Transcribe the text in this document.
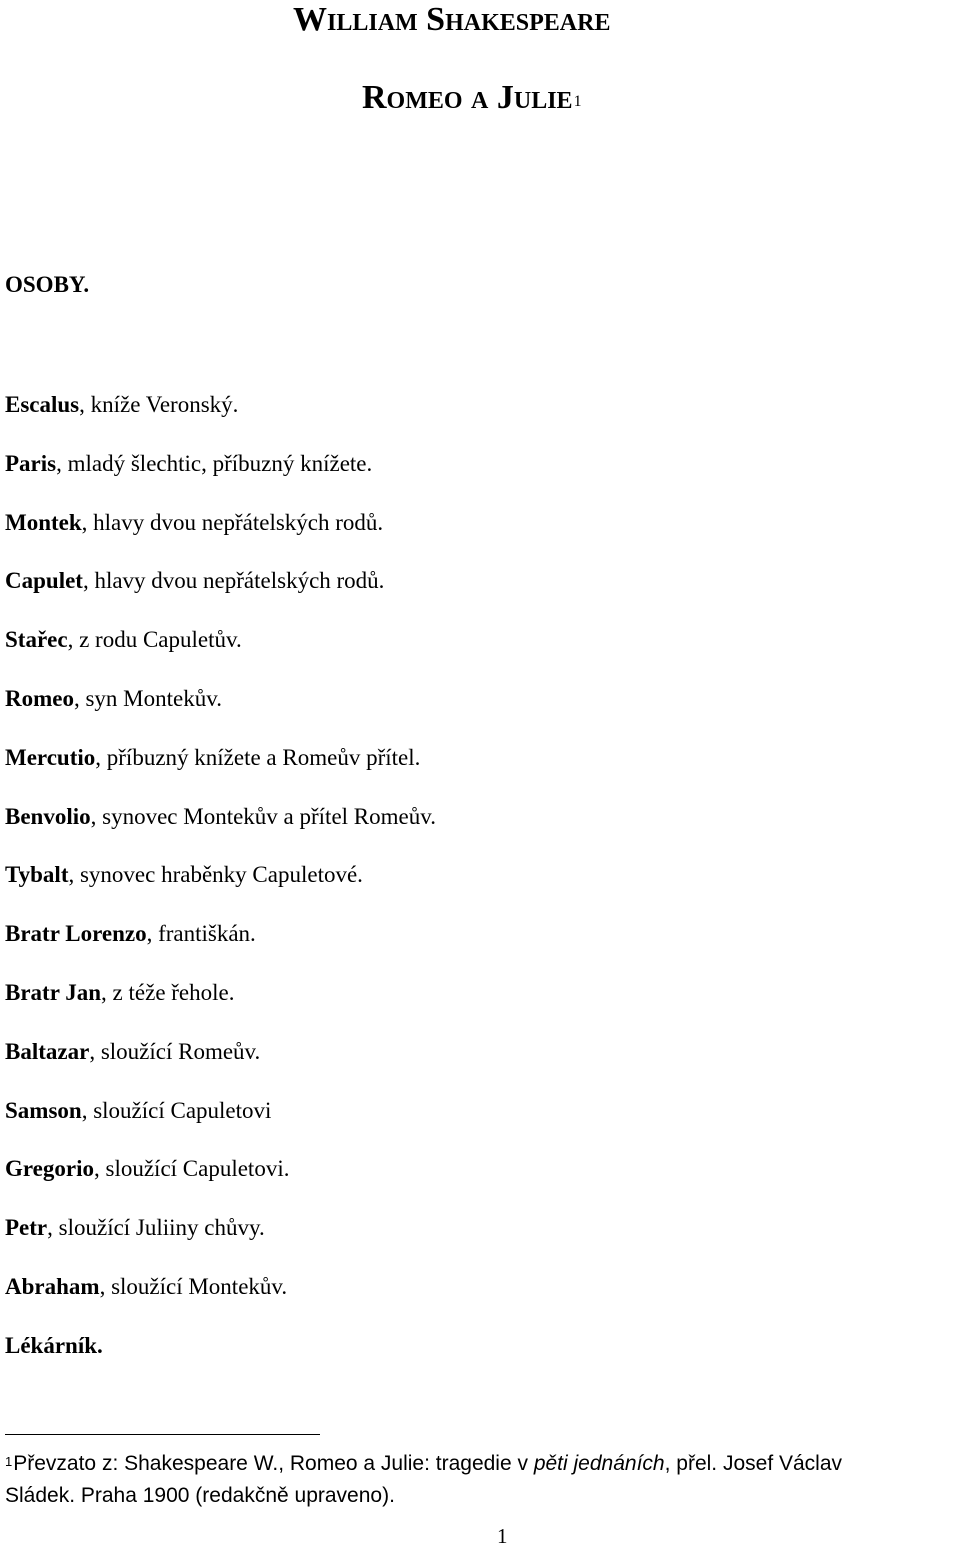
William Shakespeare
Romeo a Julie$^1$
OSOBY.
Escalus, kníže Veronský.
Paris, mladý šlechtic, příbuzný knížete.
Montek, hlavy dvou nepřátelských rodů.
Capulet, hlavy dvou nepřátelských rodů.
Stařec, z rodu Capuletův.
Romeo, syn Montekův.
Mercutio, příbuzný knížete a Romeův přítel.
Benvolio, synovec Montekův a přítel Romeův.
Tybalt, synovec hraběnky Capuletové.
Bratr Lorenzo, františkán.
Bratr Jan, z téže řehole.
Baltazar, sloužící Romeův.
Samson, sloužící Capuletovi
Gregorio, sloužící Capuletovi.
Petr, sloužící Juliiny chůvy.
Abraham, sloužící Montekův.
Lékárník.
$^1$Převzato z: Shakespeare W., Romeo a Julie: tragedie v pěti jednáních, přel. Josef Václav
Sládek. Praha 1900 (redakčně upraveno).
1
